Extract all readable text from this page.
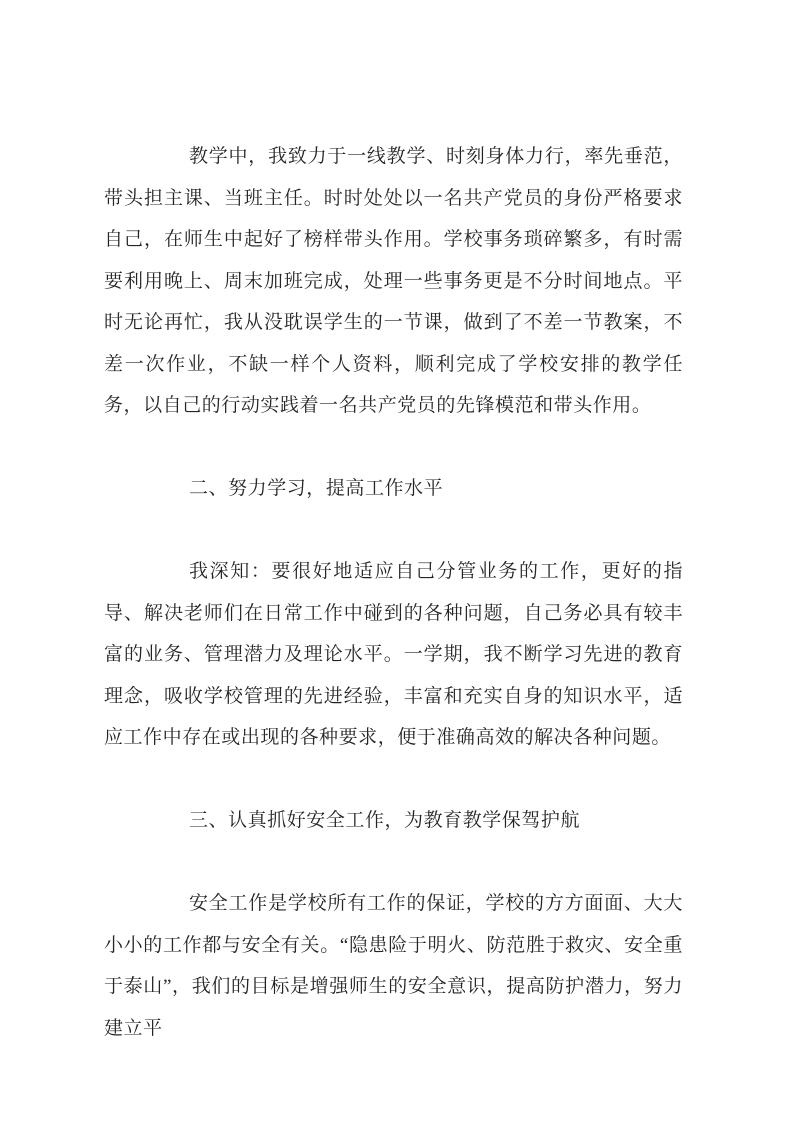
教学中，我致力于一线教学、时刻身体力行，率先垂范，带头担主课、当班主任。时时处处以一名共产党员的身份严格要求自己，在师生中起好了榜样带头作用。学校事务琐碎繁多，有时需要利用晚上、周末加班完成，处理一些事务更是不分时间地点。平时无论再忙，我从没耽误学生的一节课，做到了不差一节教案，不差一次作业，不缺一样个人资料，顺利完成了学校安排的教学任务，以自己的行动实践着一名共产党员的先锋模范和带头作用。

二、努力学习，提高工作水平

我深知：要很好地适应自己分管业务的工作，更好的指导、解决老师们在日常工作中碰到的各种问题，自己务必具有较丰富的业务、管理潜力及理论水平。一学期，我不断学习先进的教育理念，吸收学校管理的先进经验，丰富和充实自身的知识水平，适应工作中存在或出现的各种要求，便于准确高效的解决各种问题。

三、认真抓好安全工作，为教育教学保驾护航

安全工作是学校所有工作的保证，学校的方方面面、大大小小的工作都与安全有关。“隐患险于明火、防范胜于救灾、安全重于泰山”，我们的目标是增强师生的安全意识，提高防护潜力，努力建立平
